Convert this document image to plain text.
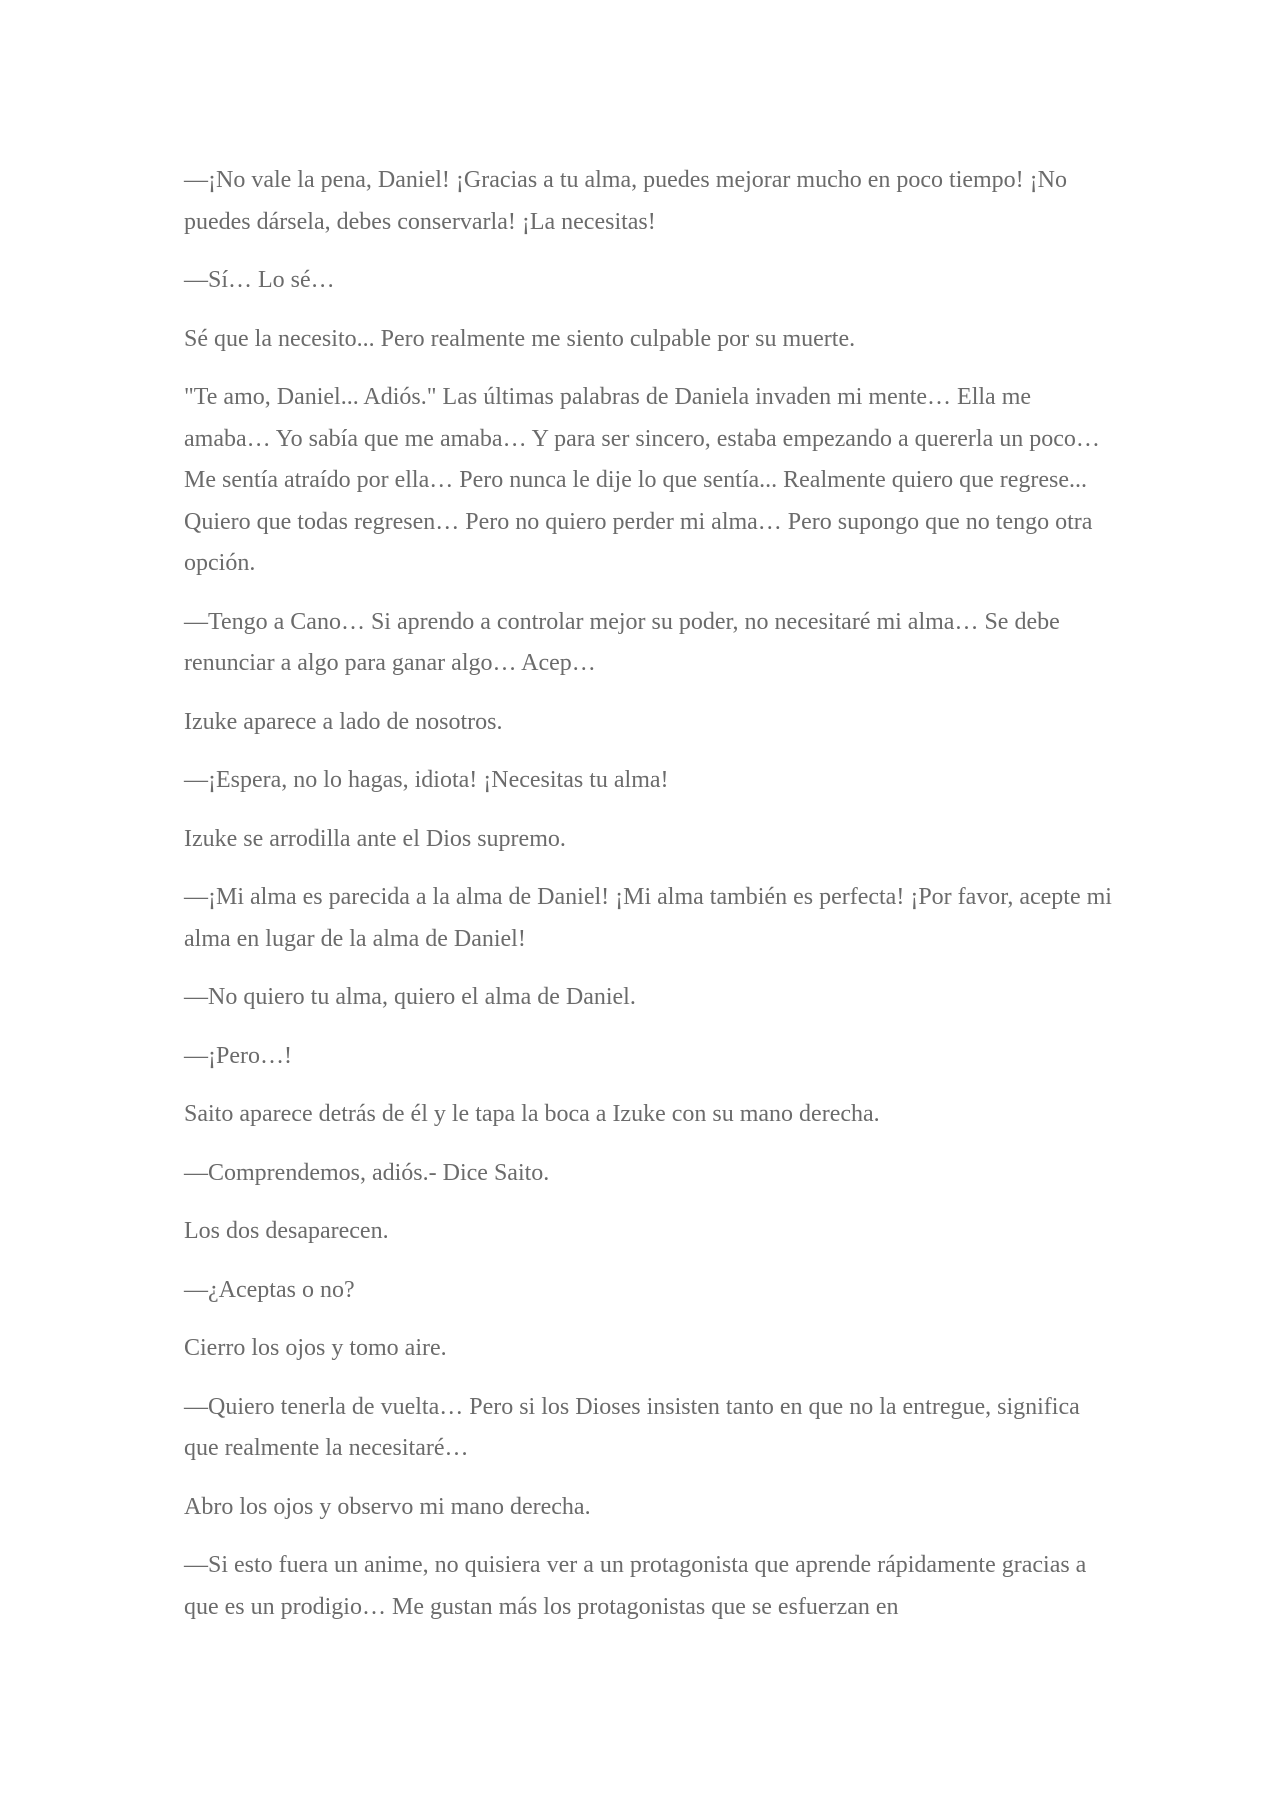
—¡No vale la pena, Daniel! ¡Gracias a tu alma, puedes mejorar mucho en poco tiempo! ¡No puedes dársela, debes conservarla! ¡La necesitas!

—Sí… Lo sé…

Sé que la necesito... Pero realmente me siento culpable por su muerte.

"Te amo, Daniel... Adiós." Las últimas palabras de Daniela invaden mi mente… Ella me amaba… Yo sabía que me amaba… Y para ser sincero, estaba empezando a quererla un poco… Me sentía atraído por ella… Pero nunca le dije lo que sentía... Realmente quiero que regrese... Quiero que todas regresen… Pero no quiero perder mi alma… Pero supongo que no tengo otra opción.

—Tengo a Cano… Si aprendo a controlar mejor su poder, no necesitaré mi alma… Se debe renunciar a algo para ganar algo… Acep…

Izuke aparece a lado de nosotros.

—¡Espera, no lo hagas, idiota! ¡Necesitas tu alma!

Izuke se arrodilla ante el Dios supremo.

—¡Mi alma es parecida a la alma de Daniel! ¡Mi alma también es perfecta! ¡Por favor, acepte mi alma en lugar de la alma de Daniel!

—No quiero tu alma, quiero el alma de Daniel.

—¡Pero…!

Saito aparece detrás de él y le tapa la boca a Izuke con su mano derecha.

—Comprendemos, adiós.- Dice Saito.

Los dos desaparecen.

—¿Aceptas o no?

Cierro los ojos y tomo aire.

—Quiero tenerla de vuelta… Pero si los Dioses insisten tanto en que no la entregue, significa que realmente la necesitaré…

Abro los ojos y observo mi mano derecha.

—Si esto fuera un anime, no quisiera ver a un protagonista que aprende rápidamente gracias a que es un prodigio… Me gustan más los protagonistas que se esfuerzan en
